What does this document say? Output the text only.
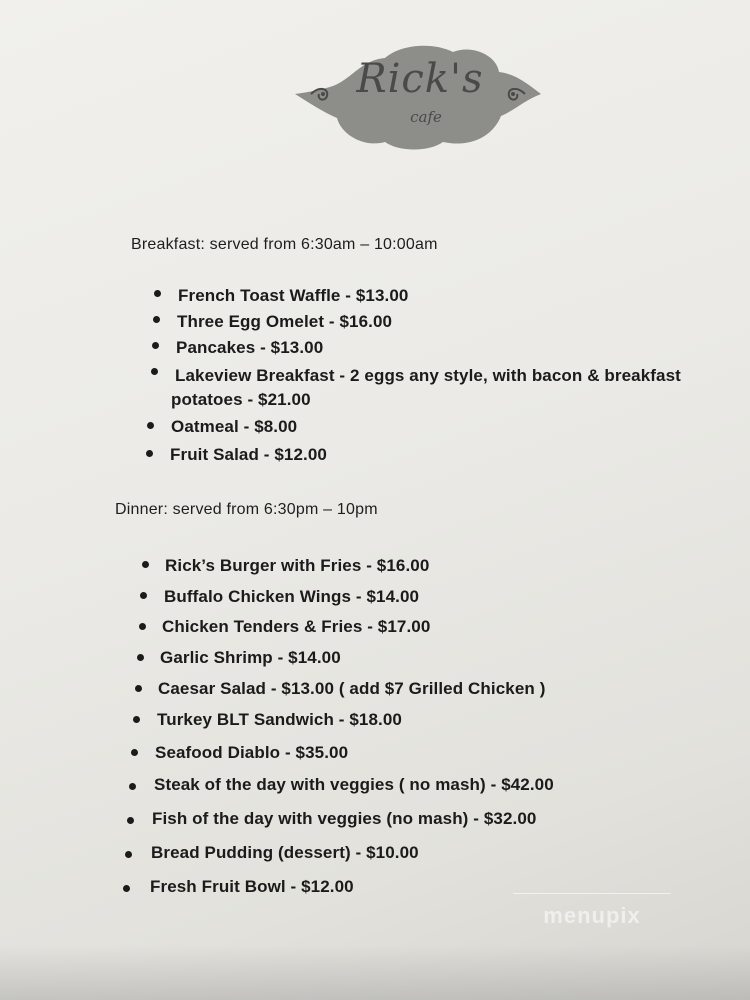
Rick's
cafe
Breakfast: served from 6:30am – 10:00am
French Toast Waffle - $13.00
Three Egg Omelet - $16.00
Pancakes - $13.00
Lakeview Breakfast - 2 eggs any style, with bacon & breakfast
potatoes - $21.00
Oatmeal - $8.00
Fruit Salad - $12.00
Dinner: served from 6:30pm – 10pm
Rick’s Burger with Fries - $16.00
Buffalo Chicken Wings - $14.00
Chicken Tenders & Fries - $17.00
Garlic Shrimp - $14.00
Caesar Salad - $13.00 ( add $7 Grilled Chicken )
Turkey BLT Sandwich - $18.00
Seafood Diablo - $35.00
Steak of the day with veggies ( no mash) - $42.00
Fish of the day with veggies (no mash) - $32.00
Bread Pudding (dessert) - $10.00
Fresh Fruit Bowl - $12.00
menupix
